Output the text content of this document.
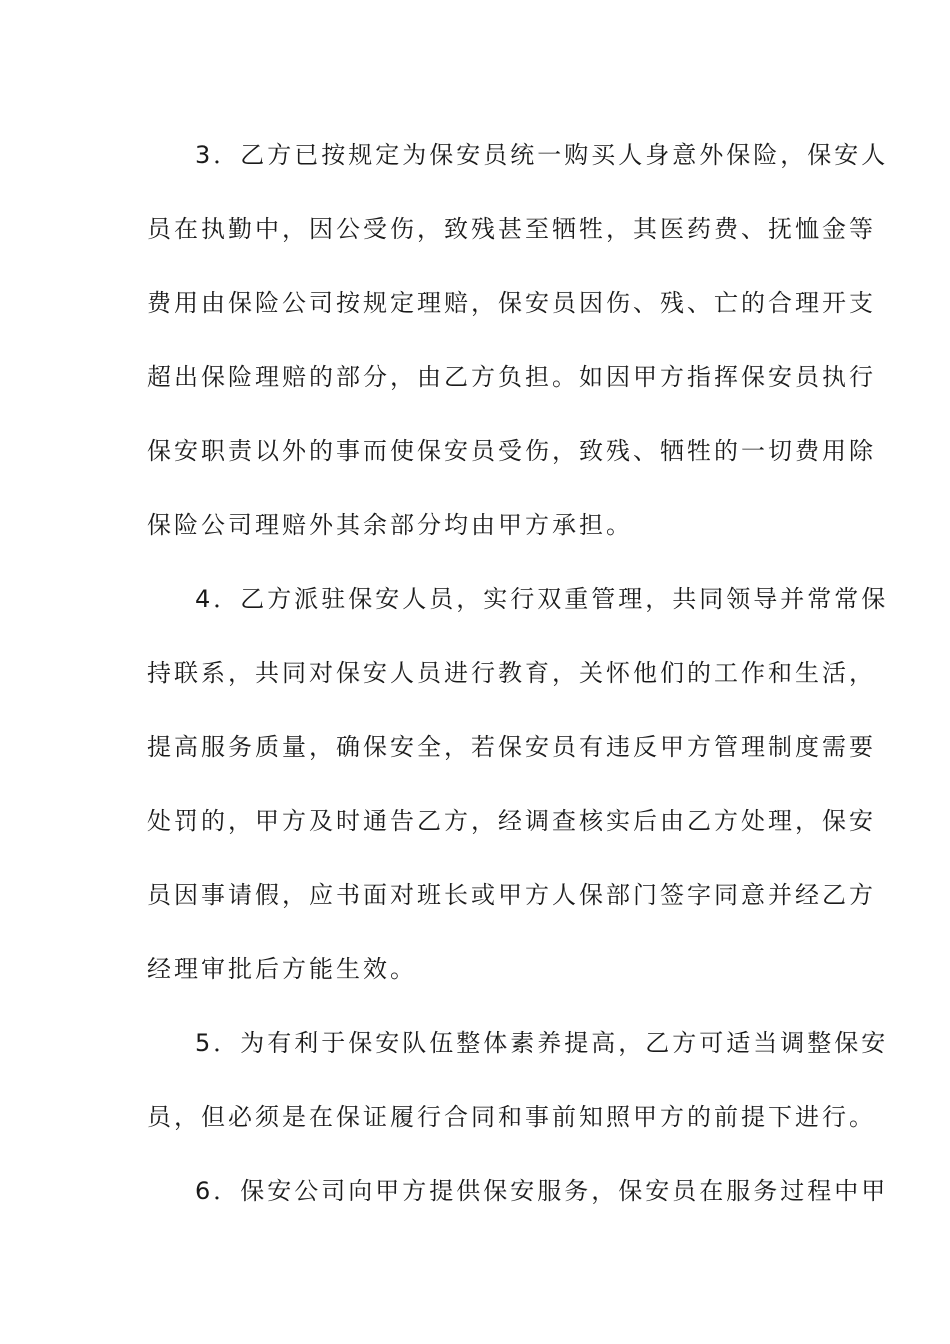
3．乙方已按规定为保安员统一购买人身意外保险，保安人
员在执勤中，因公受伤，致残甚至牺牲，其医药费、抚恤金等
费用由保险公司按规定理赔，保安员因伤、残、亡的合理开支
超出保险理赔的部分，由乙方负担。如因甲方指挥保安员执行
保安职责以外的事而使保安员受伤，致残、牺牲的一切费用除
保险公司理赔外其余部分均由甲方承担。
4．乙方派驻保安人员，实行双重管理，共同领导并常常保
持联系，共同对保安人员进行教育，关怀他们的工作和生活，
提高服务质量，确保安全，若保安员有违反甲方管理制度需要
处罚的，甲方及时通告乙方，经调查核实后由乙方处理，保安
员因事请假，应书面对班长或甲方人保部门签字同意并经乙方
经理审批后方能生效。
5．为有利于保安队伍整体素养提高，乙方可适当调整保安
员，但必须是在保证履行合同和事前知照甲方的前提下进行。
6．保安公司向甲方提供保安服务，保安员在服务过程中甲
